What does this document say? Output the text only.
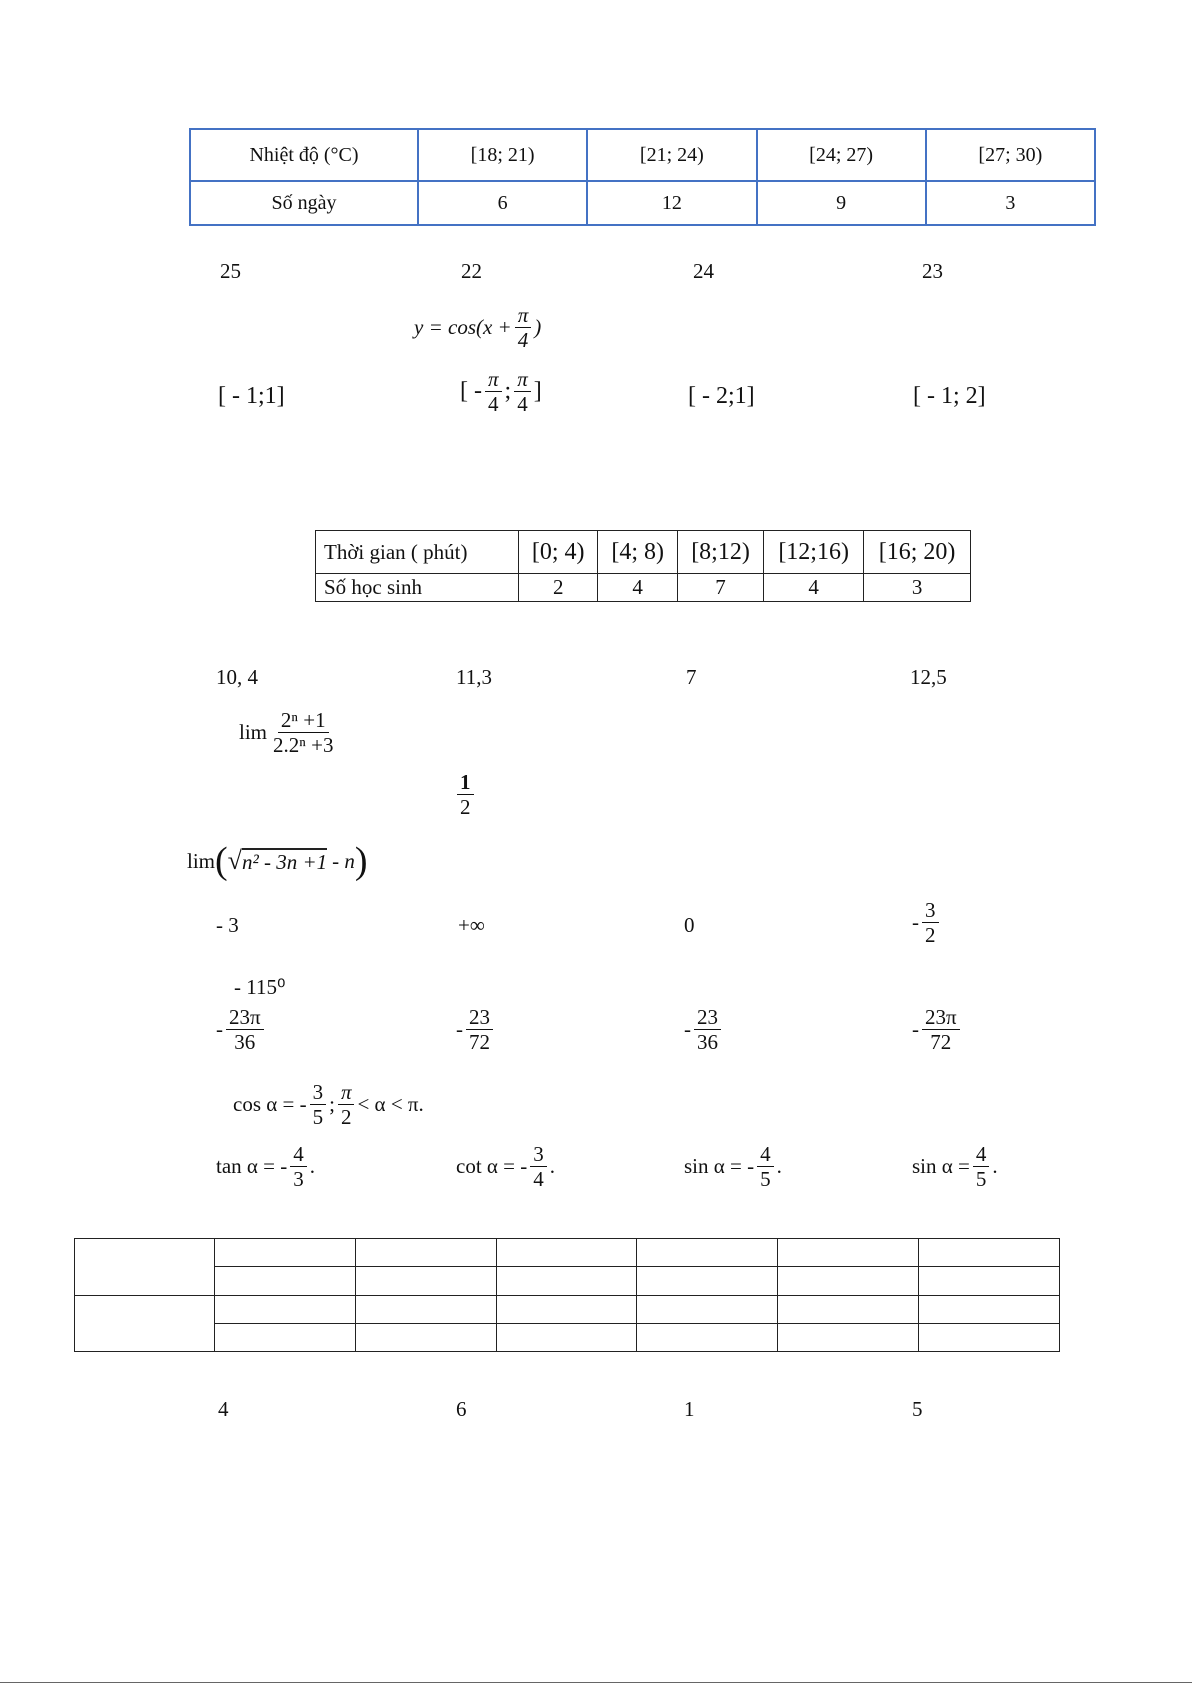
Nhiệt độ (°C)	[18; 21)	[21; 24)	[24; 27)	[27; 30)
Số ngày	6	12	9	3
25	22	24	23
$y = \cos(x + \frac{\pi}{4}$ )
[ - 1;1]	[ - $\frac{\pi}{4}$ ; $\frac{\pi}{4}$ ]	[ - 2;1]	[ - 1; 2]
Thời gian ( phút)	[0; 4)	[4; 8)	[8;12)	[12;16)	[16; 20)
Số học sinh	2	4	7	4	3
10, 4	11,3	7	12,5
$\lim \frac{\text{2ⁿ +1}}{\text{2.2ⁿ +3}}$
$\frac{1}{2}$
lim ( √ n² - 3n +1 - n )
- 3	+∞	0	- $\frac{3}{2}$
- 115⁰
- $\frac{23\pi}{36}$	- $\frac{23}{72}$	- $\frac{23}{36}$	- $\frac{23\pi}{72}$
cos α = - $\frac{3}{5}$ ; $\frac{\pi}{2} < \alpha < \pi$.
tan α = - $\frac{4}{3}$ .	cot α = - $\frac{3}{4}$ .	sin α = - $\frac{4}{5}$ .	$\sin \alpha = \frac{4}{5}$ .

4	6	1	5
